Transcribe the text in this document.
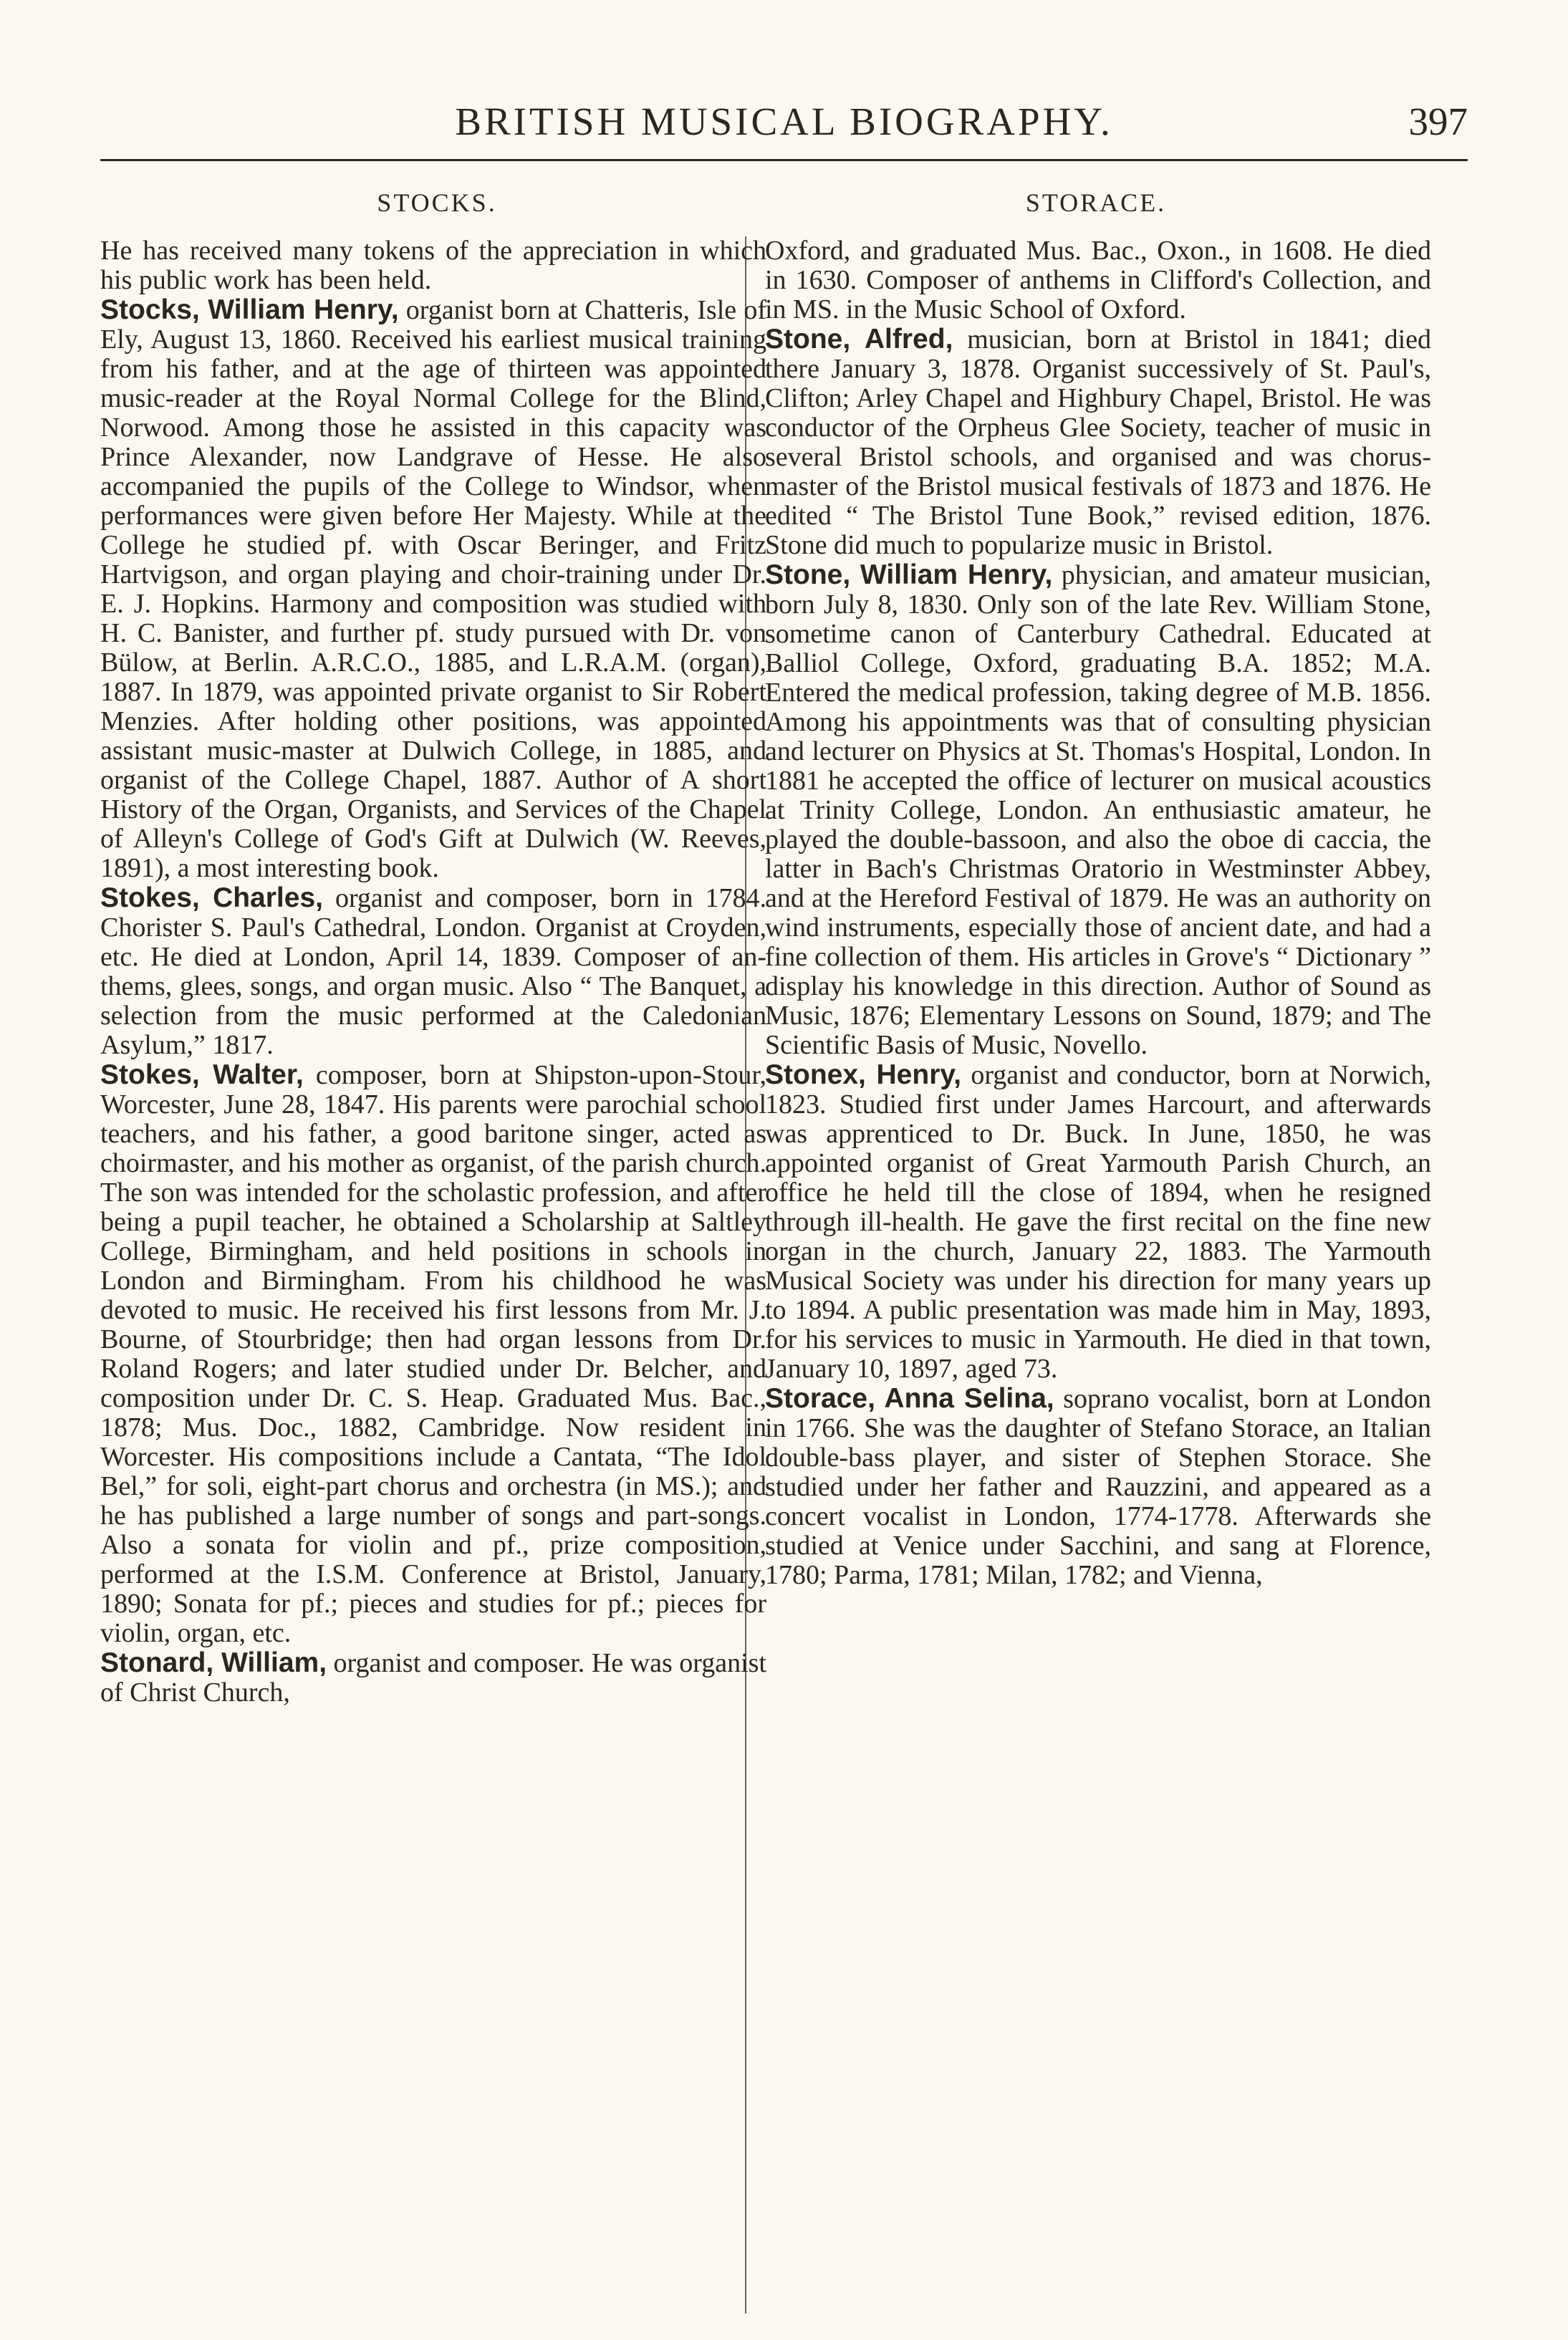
BRITISH MUSICAL BIOGRAPHY.	397
STOCKS.	STORACE.

He has received many tokens of the appreciation in which his public work has been held.

Stocks, William Henry, organist born at Chatteris, Isle of Ely, August 13, 1860. Received his earliest musical training from his father, and at the age of thirteen was appointed music-reader at the Royal Normal College for the Blind, Norwood. Among those he assisted in this capacity was Prince Alexander, now Landgrave of Hesse. He also accompanied the pupils of the College to Windsor, when performances were given before Her Majesty. While at the College he studied pf. with Oscar Beringer, and Fritz Hartvigson, and organ playing and choir-training under Dr. E. J. Hopkins. Harmony and composition was studied with H. C. Banister, and further pf. study pursued with Dr. von Bülow, at Berlin. A.R.C.O., 1885, and L.R.A.M. (organ), 1887. In 1879, was appointed private organist to Sir Robert Menzies. After holding other positions, was appointed assistant music-master at Dulwich College, in 1885, and organist of the College Chapel, 1887. Author of A short History of the Organ, Organists, and Services of the Chapel of Alleyn's College of God's Gift at Dulwich (W. Reeves, 1891), a most interesting book.

Stokes, Charles, organist and composer, born in 1784. Chorister S. Paul's Cathedral, London. Organist at Croyden, etc. He died at London, April 14, 1839. Composer of anthems, glees, songs, and organ music. Also “ The Banquet, a selection from the music performed at the Caledonian Asylum,” 1817.

Stokes, Walter, composer, born at Shipston-upon-Stour, Worcester, June 28, 1847. His parents were parochial school teachers, and his father, a good baritone singer, acted as choirmaster, and his mother as organist, of the parish church. The son was intended for the scholastic profession, and after being a pupil teacher, he obtained a Scholarship at Saltley College, Birmingham, and held positions in schools in London and Birmingham. From his childhood he was devoted to music. He received his first lessons from Mr. J. Bourne, of Stourbridge; then had organ lessons from Dr. Roland Rogers; and later studied under Dr. Belcher, and composition under Dr. C. S. Heap. Graduated Mus. Bac., 1878; Mus. Doc., 1882, Cambridge. Now resident in Worcester. His compositions include a Cantata, “The Idol Bel,” for soli, eight-part chorus and orchestra (in MS.); and he has published a large number of songs and part-songs. Also a sonata for violin and pf., prize composition, performed at the I.S.M. Conference at Bristol, January, 1890; Sonata for pf.; pieces and studies for pf.; pieces for violin, organ, etc.

Stonard, William, organist and composer. He was organist of Christ Church,

Oxford, and graduated Mus. Bac., Oxon., in 1608. He died in 1630. Composer of anthems in Clifford's Collection, and in MS. in the Music School of Oxford.

Stone, Alfred, musician, born at Bristol in 1841; died there January 3, 1878. Organist successively of St. Paul's, Clifton; Arley Chapel and Highbury Chapel, Bristol. He was conductor of the Orpheus Glee Society, teacher of music in several Bristol schools, and organised and was chorus-master of the Bristol musical festivals of 1873 and 1876. He edited “ The Bristol Tune Book,” revised edition, 1876. Stone did much to popularize music in Bristol.

Stone, William Henry, physician, and amateur musician, born July 8, 1830. Only son of the late Rev. William Stone, sometime canon of Canterbury Cathedral. Educated at Balliol College, Oxford, graduating B.A. 1852; M.A. Entered the medical profession, taking degree of M.B. 1856. Among his appointments was that of consulting physician and lecturer on Physics at St. Thomas's Hospital, London. In 1881 he accepted the office of lecturer on musical acoustics at Trinity College, London. An enthusiastic amateur, he played the double-bassoon, and also the oboe di caccia, the latter in Bach's Christmas Oratorio in Westminster Abbey, and at the Hereford Festival of 1879. He was an authority on wind instruments, especially those of ancient date, and had a fine collection of them. His articles in Grove's “ Dictionary ” display his knowledge in this direction. Author of Sound as Music, 1876; Elementary Lessons on Sound, 1879; and The Scientific Basis of Music, Novello.

Stonex, Henry, organist and conductor, born at Norwich, 1823. Studied first under James Harcourt, and afterwards was apprenticed to Dr. Buck. In June, 1850, he was appointed organist of Great Yarmouth Parish Church, an office he held till the close of 1894, when he resigned through ill-health. He gave the first recital on the fine new organ in the church, January 22, 1883. The Yarmouth Musical Society was under his direction for many years up to 1894. A public presentation was made him in May, 1893, for his services to music in Yarmouth. He died in that town, January 10, 1897, aged 73.

Storace, Anna Selina, soprano vocalist, born at London in 1766. She was the daughter of Stefano Storace, an Italian double-bass player, and sister of Stephen Storace. She studied under her father and Rauzzini, and appeared as a concert vocalist in London, 1774-1778. Afterwards she studied at Venice under Sacchini, and sang at Florence, 1780; Parma, 1781; Milan, 1782; and Vienna,
